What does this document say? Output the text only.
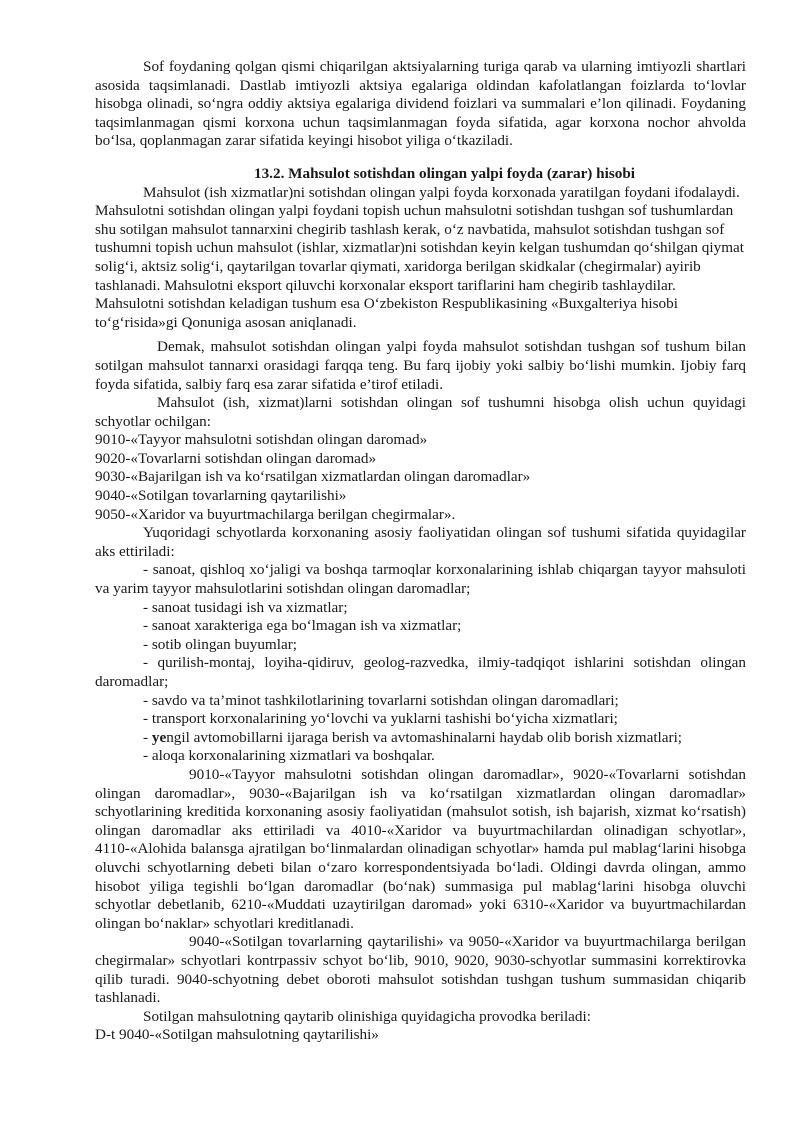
Sof foydaning qolgan qismi chiqarilgan aktsiyalarning turiga qarab va ularning imtiyozli shartlari asosida taqsimlanadi. Dastlab imtiyozli aktsiya egalariga oldindan kafolatlangan foizlarda to‘lovlar hisobga olinadi, so‘ngra oddiy aktsiya egalariga dividend foizlari va summalari e’lon qilinadi. Foydaning taqsimlanmagan qismi korxona uchun taqsimlanmagan foyda sifatida, agar korxona nochor ahvolda bo‘lsa, qoplanmagan zarar sifatida keyingi hisobot yiliga o‘tkaziladi.

13.2. Mahsulot sotishdan olingan yalpi foyda (zarar) hisobi

Mahsulot (ish xizmatlar)ni sotishdan olingan yalpi foyda korxonada yaratilgan foydani ifodalaydi. Mahsulotni sotishdan olingan yalpi foydani topish uchun mahsulotni sotishdan tushgan sof tushumlardan shu sotilgan mahsulot tannarxini chegirib tashlash kerak, o‘z navbatida, mahsulot sotishdan tushgan sof tushumni topish uchun mahsulot (ishlar, xizmatlar)ni sotishdan keyin kelgan tushumdan qo‘shilgan qiymat solig‘i, aktsiz solig‘i, qaytarilgan tovarlar qiymati, xaridorga berilgan skidkalar (chegirmalar) ayirib tashlanadi. Mahsulotni eksport qiluvchi korxonalar eksport tariflarini ham chegirib tashlaydilar. Mahsulotni sotishdan keladigan tushum esa O‘zbekiston Respublikasining «Buxgalteriya hisobi to‘g‘risida»gi Qonuniga asosan aniqlanadi.

Demak, mahsulot sotishdan olingan yalpi foyda mahsulot sotishdan tushgan sof tushum bilan sotilgan mahsulot tannarxi orasidagi farqqa teng. Bu farq ijobiy yoki salbiy bo‘lishi mumkin. Ijobiy farq foyda sifatida, salbiy farq esa zarar sifatida e’tirof etiladi.

Mahsulot (ish, xizmat)larni sotishdan olingan sof tushumni hisobga olish uchun quyidagi schyotlar ochilgan:

9010-«Tayyor mahsulotni sotishdan olingan daromad»

9020-«Tovarlarni sotishdan olingan daromad»

9030-«Bajarilgan ish va ko‘rsatilgan xizmatlardan olingan daromadlar»

9040-«Sotilgan tovarlarning qaytarilishi»

9050-«Xaridor va buyurtmachilarga berilgan chegirmalar».

Yuqoridagi schyotlarda korxonaning asosiy faoliyatidan olingan sof tushumi sifatida quyidagilar aks ettiriladi:

- sanoat, qishloq xo‘jaligi va boshqa tarmoqlar korxonalarining ishlab chiqargan tayyor mahsuloti va yarim tayyor mahsulotlarini sotishdan olingan daromadlar;

- sanoat tusidagi ish va xizmatlar;

- sanoat xarakteriga ega bo‘lmagan ish va xizmatlar;

- sotib olingan buyumlar;

- qurilish-montaj, loyiha-qidiruv, geolog-razvedka, ilmiy-tadqiqot ishlarini sotishdan olingan daromadlar;

- savdo va ta’minot tashkilotlarining tovarlarni sotishdan olingan daromadlari;

- transport korxonalarining yo‘lovchi va yuklarni tashishi bo‘yicha xizmatlari;

- yengil avtomobillarni ijaraga berish va avtomashinalarni haydab olib borish xizmatlari;

- aloqa korxonalarining xizmatlari va boshqalar.

9010-«Tayyor mahsulotni sotishdan olingan daromadlar», 9020-«Tovarlarni sotishdan olingan daromadlar», 9030-«Bajarilgan ish va ko‘rsatilgan xizmatlardan olingan daromadlar» schyotlarining kreditida korxonaning asosiy faoliyatidan (mahsulot sotish, ish bajarish, xizmat ko‘rsatish) olingan daromadlar aks ettiriladi va 4010-«Xaridor va buyurtmachilardan olinadigan schyotlar», 4110-«Alohida balansga ajratilgan bo‘linmalardan olinadigan schyotlar» hamda pul mablag‘larini hisobga oluvchi schyotlarning debeti bilan o‘zaro korrespondentsiyada bo‘ladi. Oldingi davrda olingan, ammo hisobot yiliga tegishli bo‘lgan daromadlar (bo‘nak) summasiga pul mablag‘larini hisobga oluvchi schyotlar debetlanib, 6210-«Muddati uzaytirilgan daromad» yoki 6310-«Xaridor va buyurtmachilardan olingan bo‘naklar» schyotlari kreditlanadi.

9040-«Sotilgan tovarlarning qaytarilishi» va 9050-«Xaridor va buyurtmachilarga berilgan chegirmalar» schyotlari kontrpassiv schyot bo‘lib, 9010, 9020, 9030-schyotlar summasini korrektirovka qilib turadi. 9040-schyotning debet oboroti mahsulot sotishdan tushgan tushum summasidan chiqarib tashlanadi.

Sotilgan mahsulotning qaytarib olinishiga quyidagicha provodka beriladi:

D-t 9040-«Sotilgan mahsulotning qaytarilishi»
